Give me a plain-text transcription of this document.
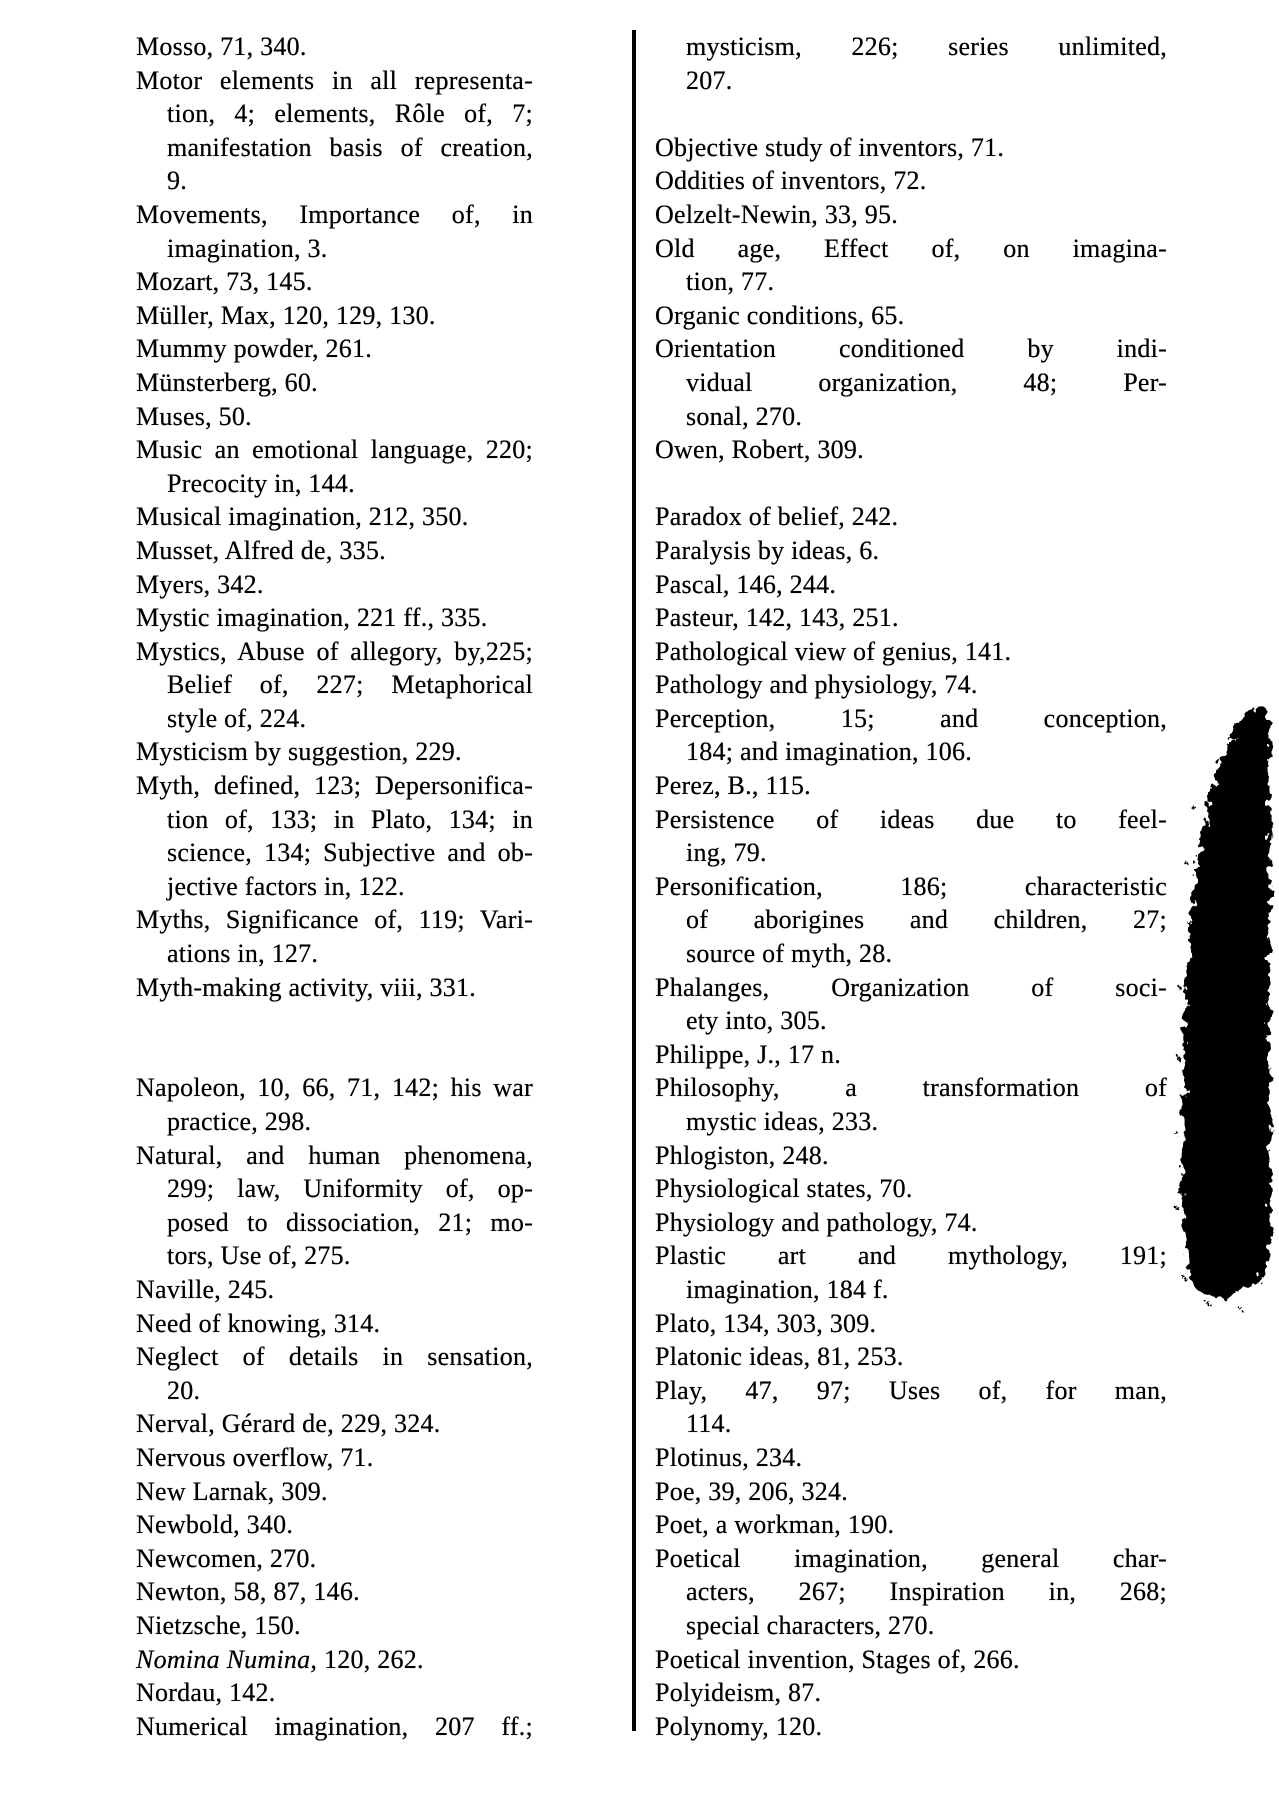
Mosso, 71, 340.
Motor elements in all representa-
tion, 4; elements, Rôle of, 7;
manifestation basis of creation,
9.
Movements, Importance of, in
imagination, 3.
Mozart, 73, 145.
Müller, Max, 120, 129, 130.
Mummy powder, 261.
Münsterberg, 60.
Muses, 50.
Music an emotional language, 220;
Precocity in, 144.
Musical imagination, 212, 350.
Musset, Alfred de, 335.
Myers, 342.
Mystic imagination, 221 ff., 335.
Mystics, Abuse of allegory, by,225;
Belief of, 227; Metaphorical
style of, 224.
Mysticism by suggestion, 229.
Myth, defined, 123; Depersonifica-
tion of, 133; in Plato, 134; in
science, 134; Subjective and ob-
jective factors in, 122.
Myths, Significance of, 119; Vari-
ations in, 127.
Myth-making activity, viii, 331.
Napoleon, 10, 66, 71, 142; his war
practice, 298.
Natural, and human phenomena,
299; law, Uniformity of, op-
posed to dissociation, 21; mo-
tors, Use of, 275.
Naville, 245.
Need of knowing, 314.
Neglect of details in sensation,
20.
Nerval, Gérard de, 229, 324.
Nervous overflow, 71.
New Larnak, 309.
Newbold, 340.
Newcomen, 270.
Newton, 58, 87, 146.
Nietzsche, 150.
Nomina Numina, 120, 262.
Nordau, 142.
Numerical imagination, 207 ff.;
mysticism, 226; series unlimited,
207.
Objective study of inventors, 71.
Oddities of inventors, 72.
Oelzelt-Newin, 33, 95.
Old age, Effect of, on imagina-
tion, 77.
Organic conditions, 65.
Orientation conditioned by indi-
vidual organization, 48; Per-
sonal, 270.
Owen, Robert, 309.
Paradox of belief, 242.
Paralysis by ideas, 6.
Pascal, 146, 244.
Pasteur, 142, 143, 251.
Pathological view of genius, 141.
Pathology and physiology, 74.
Perception, 15; and conception,
184; and imagination, 106.
Perez, B., 115.
Persistence of ideas due to feel-
ing, 79.
Personification, 186; characteristic
of aborigines and children, 27;
source of myth, 28.
Phalanges, Organization of soci-
ety into, 305.
Philippe, J., 17 n.
Philosophy, a transformation of
mystic ideas, 233.
Phlogiston, 248.
Physiological states, 70.
Physiology and pathology, 74.
Plastic art and mythology, 191;
imagination, 184 f.
Plato, 134, 303, 309.
Platonic ideas, 81, 253.
Play, 47, 97; Uses of, for man,
114.
Plotinus, 234.
Poe, 39, 206, 324.
Poet, a workman, 190.
Poetical imagination, general char-
acters, 267; Inspiration in, 268;
special characters, 270.
Poetical invention, Stages of, 266.
Polyideism, 87.
Polynomy, 120.
